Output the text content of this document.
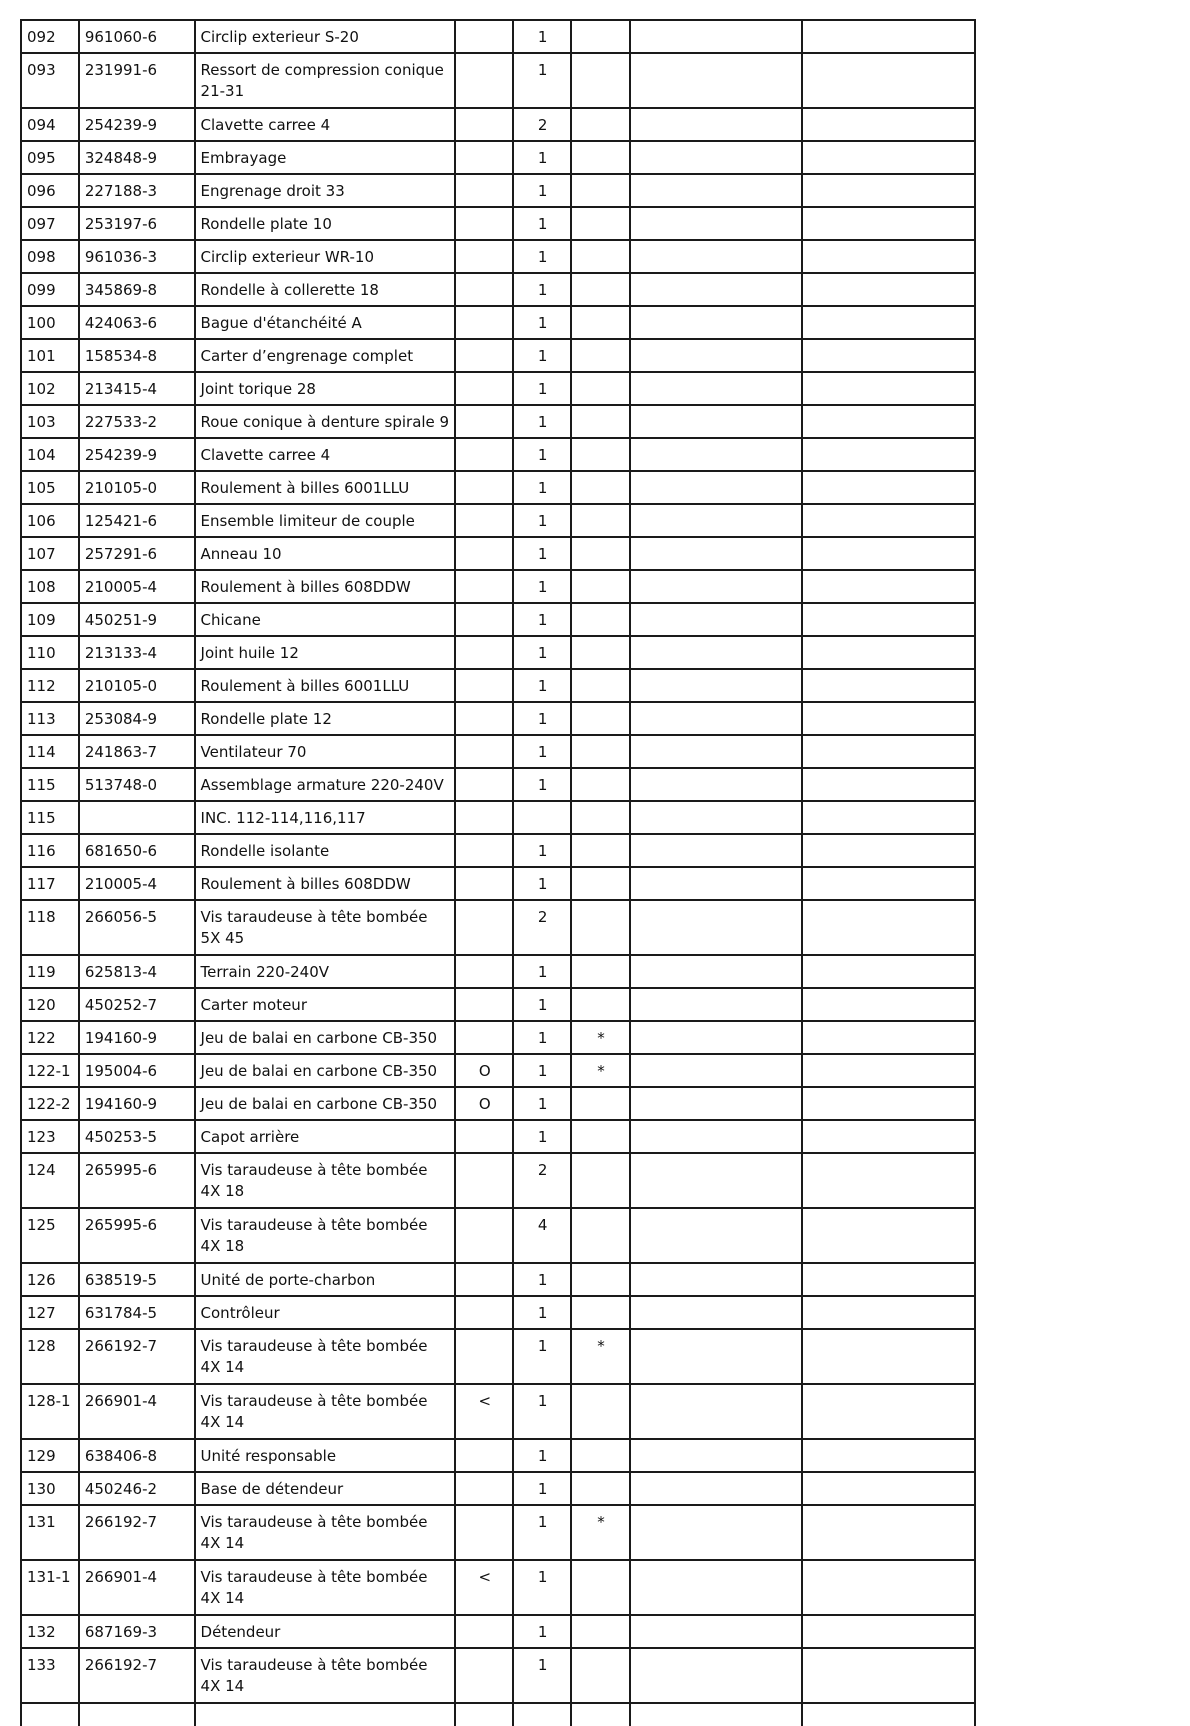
092	961060-6	Circlip exterieur S-20		1			
093	231991-6	Ressort de compression conique 21-31		1			
094	254239-9	Clavette carree 4		2			
095	324848-9	Embrayage		1			
096	227188-3	Engrenage droit 33		1			
097	253197-6	Rondelle plate 10		1			
098	961036-3	Circlip exterieur WR-10		1			
099	345869-8	Rondelle à collerette 18		1			
100	424063-6	Bague d'étanchéité A		1			
101	158534-8	Carter d’engrenage complet		1			
102	213415-4	Joint torique 28		1			
103	227533-2	Roue conique à denture spirale 9		1			
104	254239-9	Clavette carree 4		1			
105	210105-0	Roulement à billes 6001LLU		1			
106	125421-6	Ensemble limiteur de couple		1			
107	257291-6	Anneau 10		1			
108	210005-4	Roulement à billes 608DDW		1			
109	450251-9	Chicane		1			
110	213133-4	Joint huile 12		1			
112	210105-0	Roulement à billes 6001LLU		1			
113	253084-9	Rondelle plate 12		1			
114	241863-7	Ventilateur 70		1			
115	513748-0	Assemblage armature 220-240V		1			
115		INC. 112-114,116,117					
116	681650-6	Rondelle isolante		1			
117	210005-4	Roulement à billes 608DDW		1			
118	266056-5	Vis taraudeuse à tête bombée 5X 45		2			
119	625813-4	Terrain 220-240V		1			
120	450252-7	Carter moteur		1			
122	194160-9	Jeu de balai en carbone CB-350		1	*		
122-1	195004-6	Jeu de balai en carbone CB-350	O	1	*		
122-2	194160-9	Jeu de balai en carbone CB-350	O	1			
123	450253-5	Capot arrière		1			
124	265995-6	Vis taraudeuse à tête bombée 4X 18		2			
125	265995-6	Vis taraudeuse à tête bombée 4X 18		4			
126	638519-5	Unité de porte-charbon		1			
127	631784-5	Contrôleur		1			
128	266192-7	Vis taraudeuse à tête bombée 4X 14		1	*		
128-1	266901-4	Vis taraudeuse à tête bombée 4X 14	<	1			
129	638406-8	Unité responsable		1			
130	450246-2	Base de détendeur		1			
131	266192-7	Vis taraudeuse à tête bombée 4X 14		1	*		
131-1	266901-4	Vis taraudeuse à tête bombée 4X 14	<	1			
132	687169-3	Détendeur		1			
133	266192-7	Vis taraudeuse à tête bombée 4X 14		1			
